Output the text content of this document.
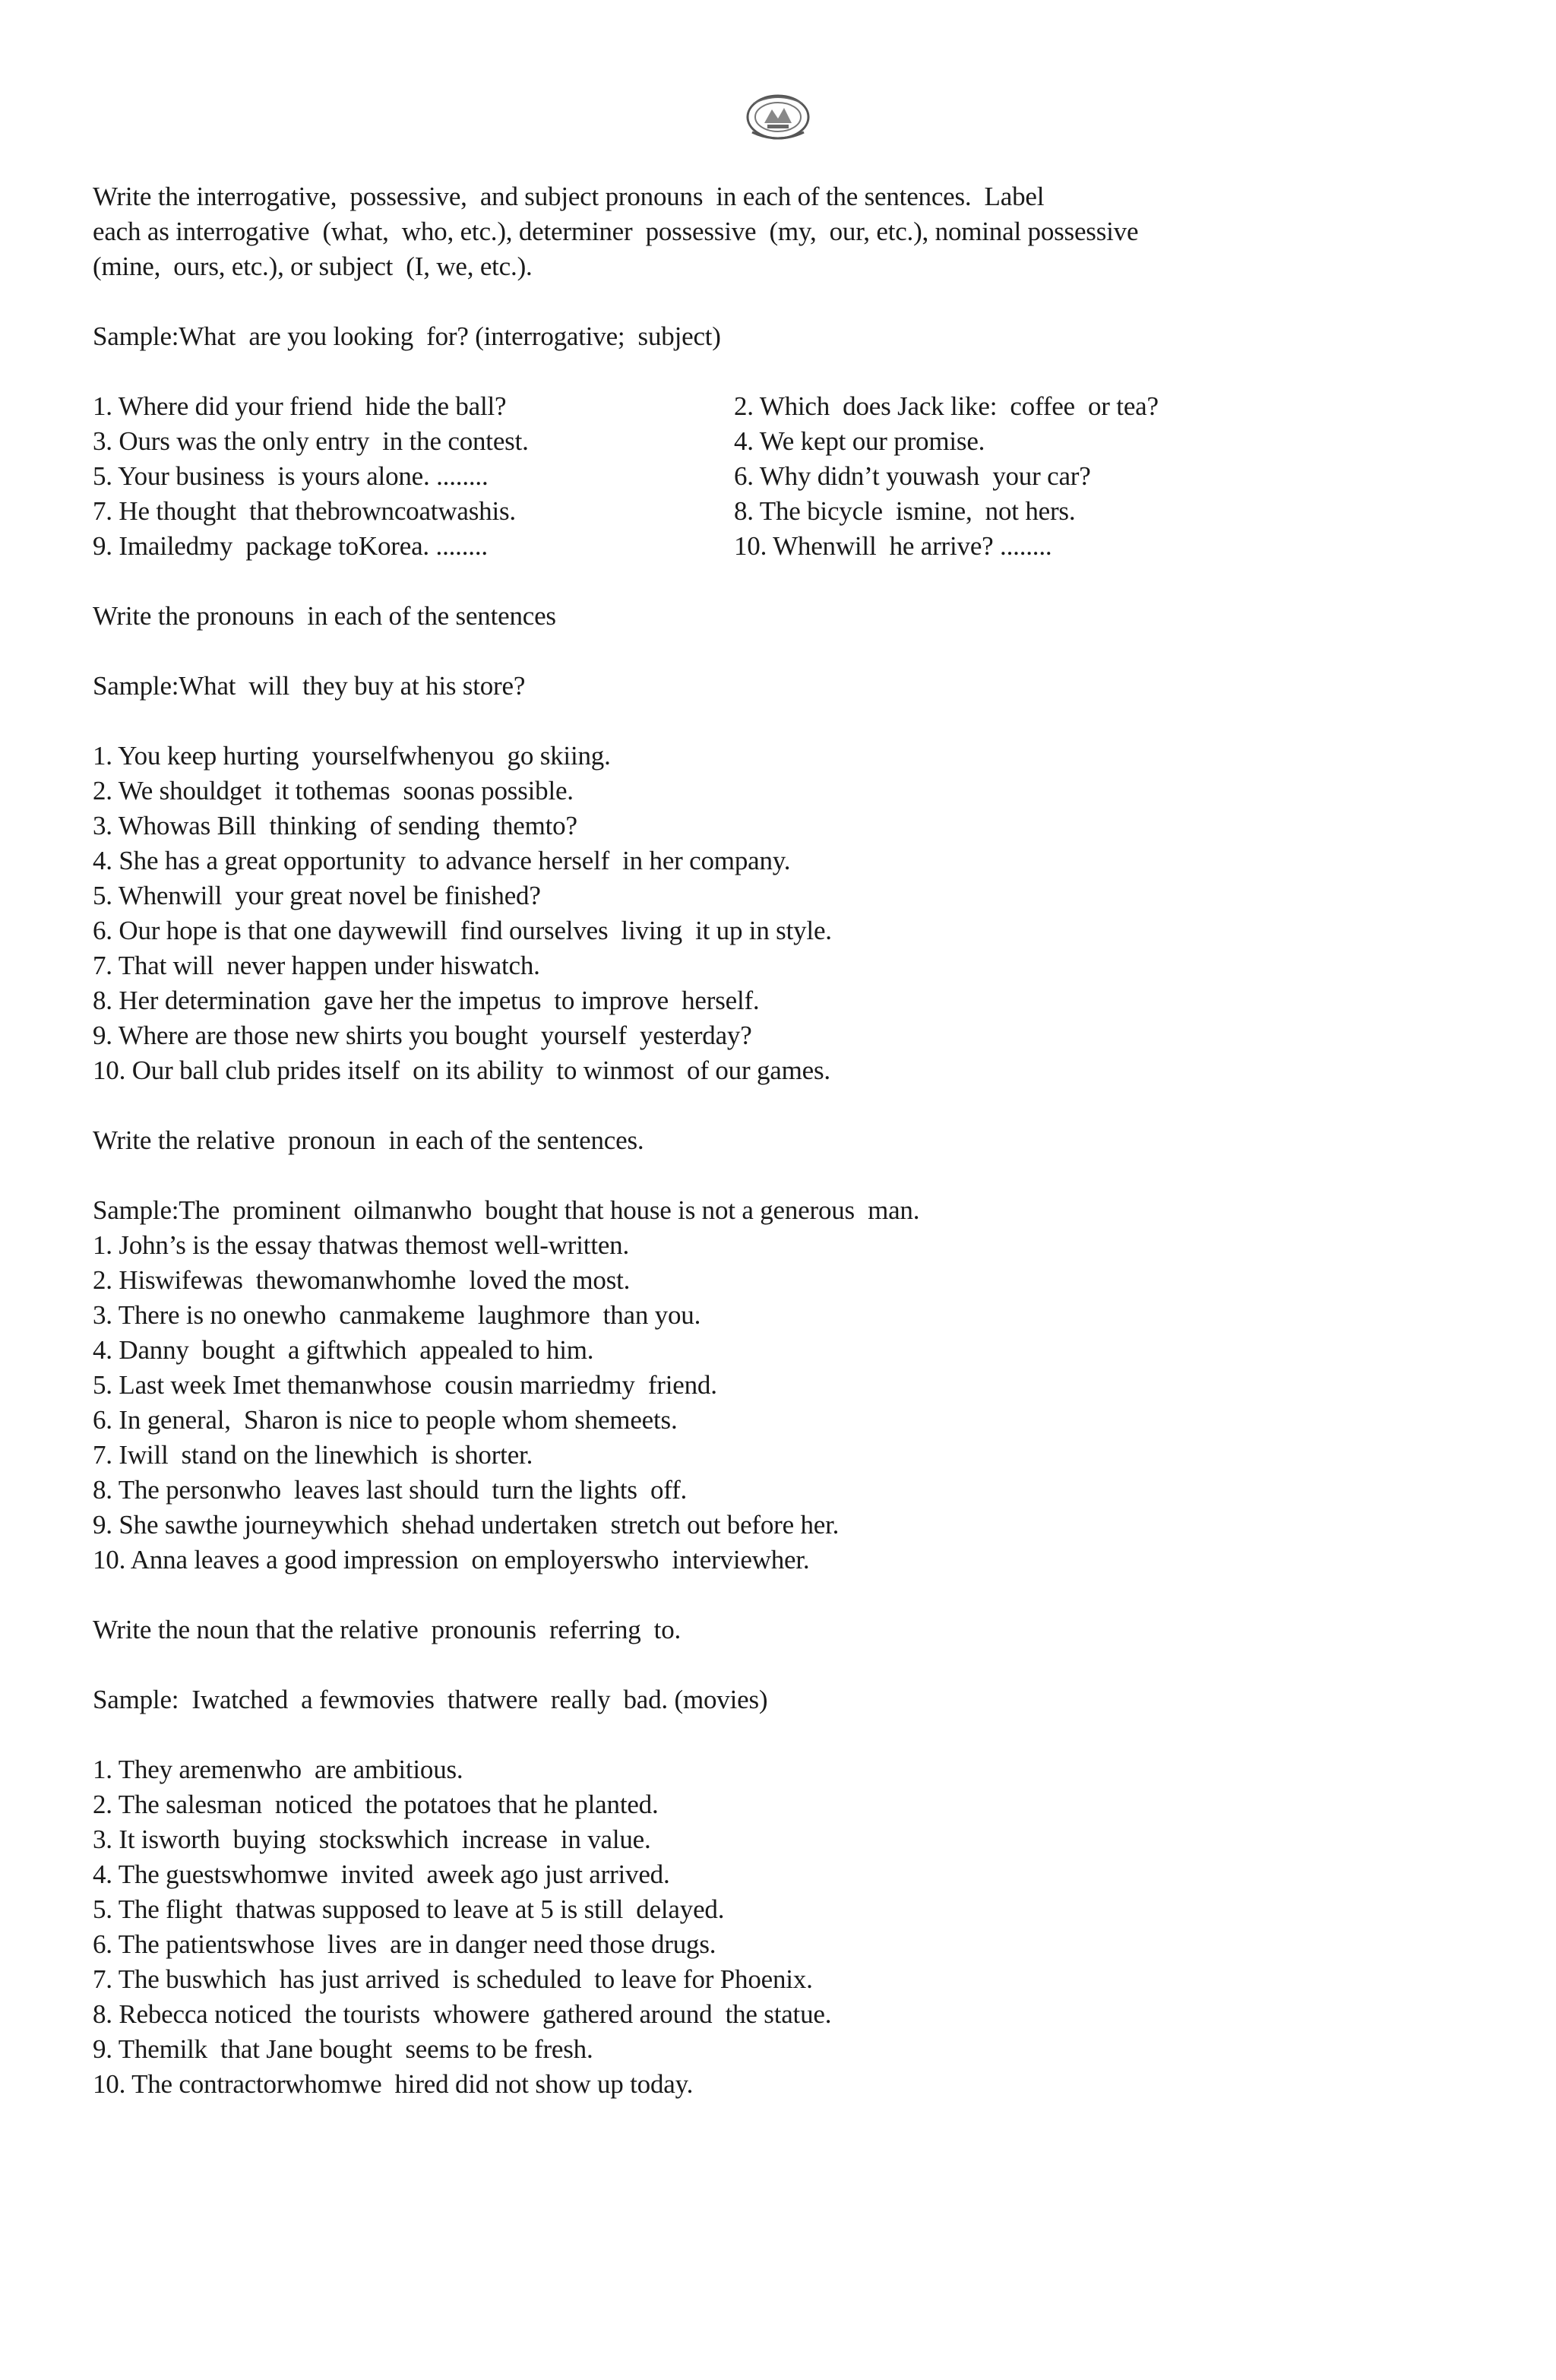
Write the interrogative,  possessive,  and subject pronouns  in each of the sentences.  Label
each as interrogative  (what,  who, etc.), determiner  possessive  (my,  our, etc.), nominal possessive
(mine,  ours, etc.), or subject  (I, we, etc.).
Sample:What  are you looking  for? (interrogative;  subject)
1. Where did your friend  hide the ball?	2. Which  does Jack like:  coffee  or tea?
3. Ours was the only entry  in the contest.	4. We kept our promise.
5. Your business  is yours alone. ........	6. Why didn’t youwash  your car?
7. He thought  that thebrowncoatwashis.	8. The bicycle  ismine,  not hers.
9. Imailedmy  package toKorea. ........	10. Whenwill  he arrive? ........
Write the pronouns  in each of the sentences
Sample:What  will  they buy at his store?
1. You keep hurting  yourselfwhenyou  go skiing.
2. We shouldget  it tothemas  soonas possible.
3. Whowas Bill  thinking  of sending  themto?
4. She has a great opportunity  to advance herself  in her company.
5. Whenwill  your great novel be finished?
6. Our hope is that one daywewill  find ourselves  living  it up in style.
7. That will  never happen under hiswatch.
8. Her determination  gave her the impetus  to improve  herself.
9. Where are those new shirts you bought  yourself  yesterday?
10. Our ball club prides itself  on its ability  to winmost  of our games.
Write the relative  pronoun  in each of the sentences.
Sample:The  prominent  oilmanwho  bought that house is not a generous  man.
1. John’s is the essay thatwas themost well-written.
2. Hiswifewas  thewomanwhomhe  loved the most.
3. There is no onewho  canmakeme  laughmore  than you.
4. Danny  bought  a giftwhich  appealed to him.
5. Last week Imet themanwhose  cousin marriedmy  friend.
6. In general,  Sharon is nice to people whom shemeets.
7. Iwill  stand on the linewhich  is shorter.
8. The personwho  leaves last should  turn the lights  off.
9. She sawthe journeywhich  shehad undertaken  stretch out before her.
10. Anna leaves a good impression  on employerswho  interviewher.
Write the noun that the relative  pronounis  referring  to.
Sample:  Iwatched  a fewmovies  thatwere  really  bad. (movies)
1. They aremenwho  are ambitious.
2. The salesman  noticed  the potatoes that he planted.
3. It isworth  buying  stockswhich  increase  in value.
4. The guestswhomwe  invited  aweek ago just arrived.
5. The flight  thatwas supposed to leave at 5 is still  delayed.
6. The patientswhose  lives  are in danger need those drugs.
7. The buswhich  has just arrived  is scheduled  to leave for Phoenix.
8. Rebecca noticed  the tourists  whowere  gathered around  the statue.
9. Themilk  that Jane bought  seems to be fresh.
10. The contractorwhomwe  hired did not show up today.
